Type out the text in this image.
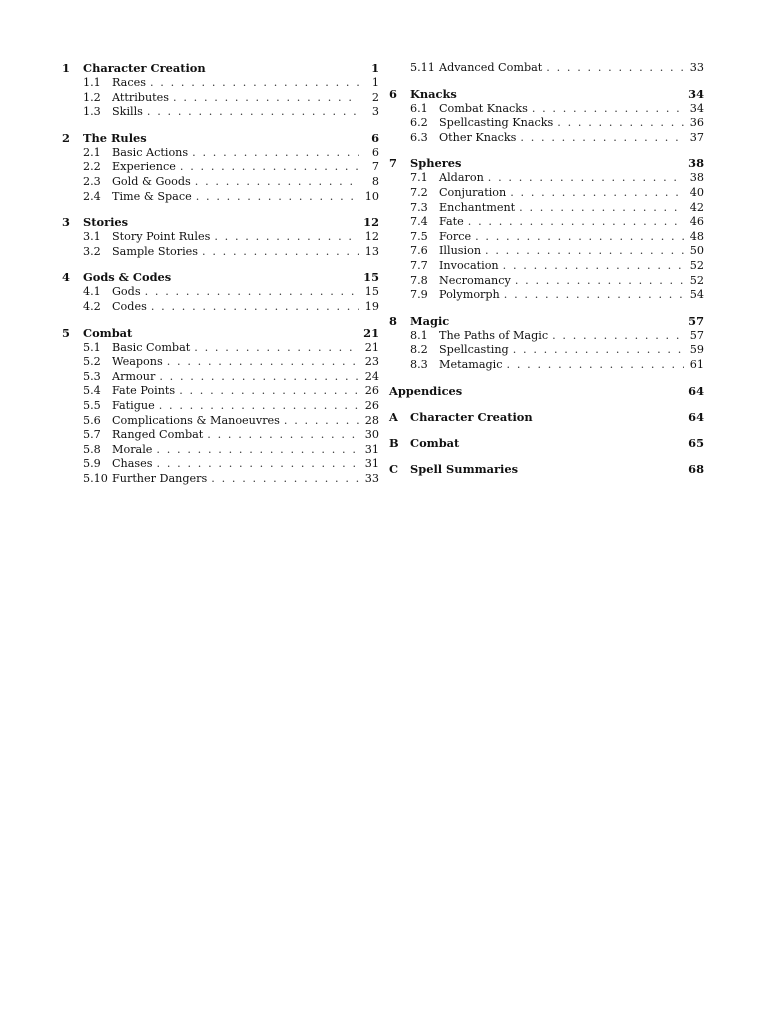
1	Character Creation	1
1.1	Races . . .	1
1.2	Attributes . . .	2
1.3	Skills . . .	3
2	The Rules	6
2.1	Basic Actions . . .	6
2.2	Experience . . .	7
2.3	Gold & Goods . . .	8
2.4	Time & Space . . .	10
3	Stories	12
3.1	Story Point Rules . . .	12
3.2	Sample Stories . . .	13
4	Gods & Codes	15
4.1	Gods . . .	15
4.2	Codes . . .	19
5	Combat	21
5.1	Basic Combat . . .	21
5.2	Weapons . . .	23
5.3	Armour . . .	24
5.4	Fate Points . . .	26
5.5	Fatigue . . .	26
5.6	Complications & Manoeuvres . . .	28
5.7	Ranged Combat . . .	30
5.8	Morale . . .	31
5.9	Chases . . .	31
5.10 Further Dangers . . .	33
5.11 Advanced Combat . . .	33
6	Knacks	34
6.1	Combat Knacks . . .	34
6.2	Spellcasting Knacks . . .	36
6.3	Other Knacks . . .	37
7	Spheres	38
7.1	Aldaron . . .	38
7.2	Conjuration . . .	40
7.3	Enchantment . . .	42
7.4	Fate . . .	46
7.5	Force . . .	48
7.6	Illusion . . .	50
7.7	Invocation . . .	52
7.8	Necromancy . . .	52
7.9	Polymorph . . .	54
8	Magic	57
8.1	The Paths of Magic . . .	57
8.2	Spellcasting . . .	59
8.3	Metamagic . . .	61
Appendices	64
A	Character Creation	64
B Combat	65
C	Spell Summaries	68
